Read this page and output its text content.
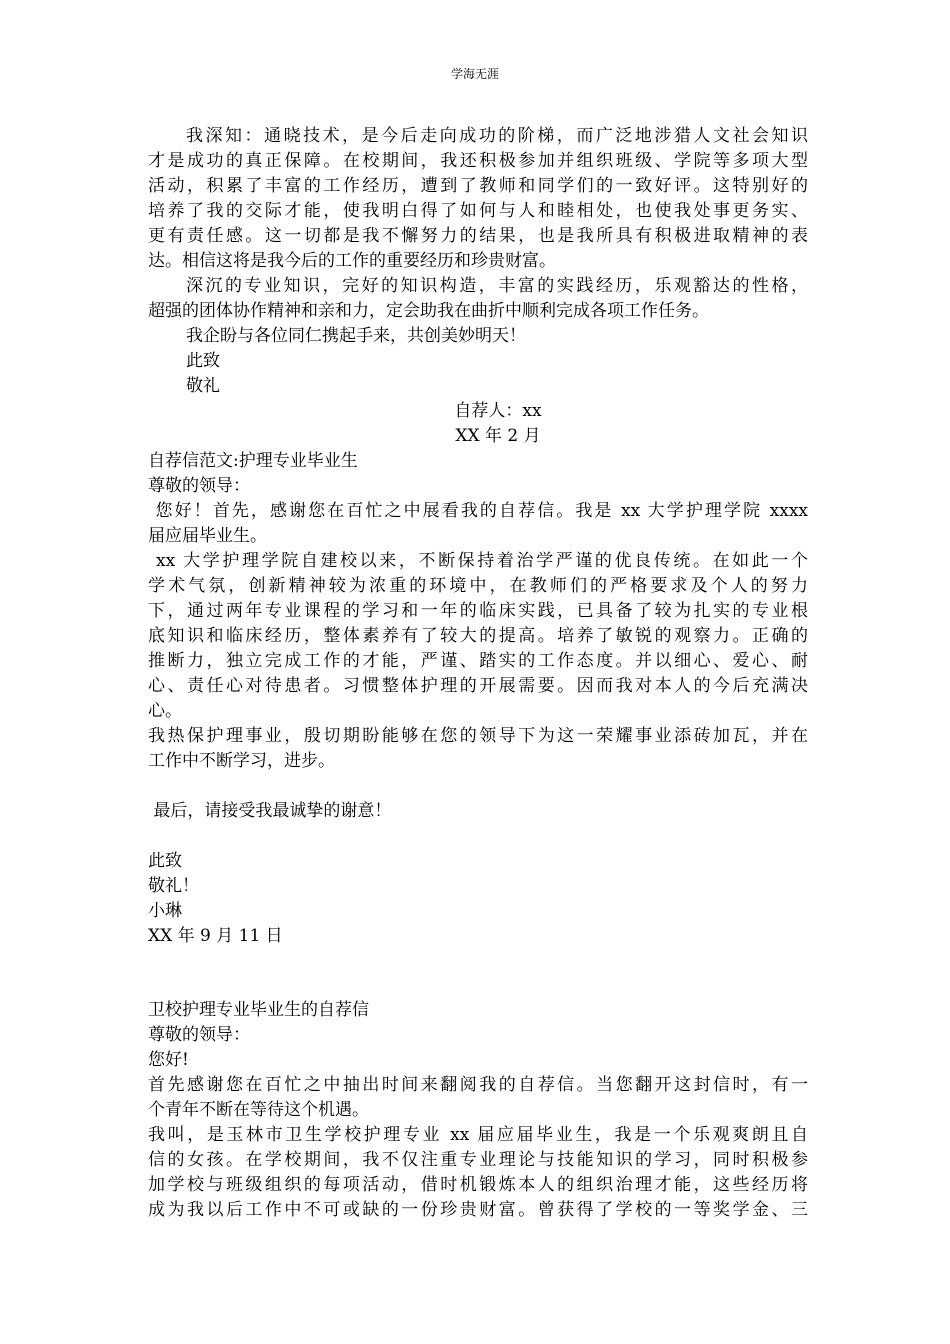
学海无涯
我深知：通晓技术，是今后走向成功的阶梯，而广泛地涉猎人文社会知识
才是成功的真正保障。在校期间，我还积极参加并组织班级、学院等多项大型
活动，积累了丰富的工作经历，遭到了教师和同学们的一致好评。这特别好的
培养了我的交际才能，使我明白得了如何与人和睦相处，也使我处事更务实、
更有责任感。这一切都是我不懈努力的结果，也是我所具有积极进取精神的表
达。相信这将是我今后的工作的重要经历和珍贵财富。
深沉的专业知识，完好的知识构造，丰富的实践经历，乐观豁达的性格，
超强的团体协作精神和亲和力，定会助我在曲折中顺利完成各项工作任务。
我企盼与各位同仁携起手来，共创美妙明天！
此致
敬礼
自荐人：xx
XX 年 2 月
自荐信范文:护理专业毕业生
尊敬的领导：
您好！首先，感谢您在百忙之中展看我的自荐信。我是 xx 大学护理学院 xxxx
届应届毕业生。
xx 大学护理学院自建校以来，不断保持着治学严谨的优良传统。在如此一个
学术气氛，创新精神较为浓重的环境中，在教师们的严格要求及个人的努力
下，通过两年专业课程的学习和一年的临床实践，已具备了较为扎实的专业根
底知识和临床经历，整体素养有了较大的提高。培养了敏锐的观察力。正确的
推断力，独立完成工作的才能，严谨、踏实的工作态度。并以细心、爱心、耐
心、责任心对待患者。习惯整体护理的开展需要。因而我对本人的今后充满决
心。
我热保护理事业，殷切期盼能够在您的领导下为这一荣耀事业添砖加瓦，并在
工作中不断学习，进步。
最后，请接受我最诚挚的谢意！
此致
敬礼！
小琳
XX 年 9 月 11 日
卫校护理专业毕业生的自荐信
尊敬的领导：
您好!
首先感谢您在百忙之中抽出时间来翻阅我的自荐信。当您翻开这封信时，有一
个青年不断在等待这个机遇。
我叫，是玉林市卫生学校护理专业 xx 届应届毕业生，我是一个乐观爽朗且自
信的女孩。在学校期间，我不仅注重专业理论与技能知识的学习，同时积极参
加学校与班级组织的每项活动，借时机锻炼本人的组织治理才能，这些经历将
成为我以后工作中不可或缺的一份珍贵财富。曾获得了学校的一等奖学金、三
